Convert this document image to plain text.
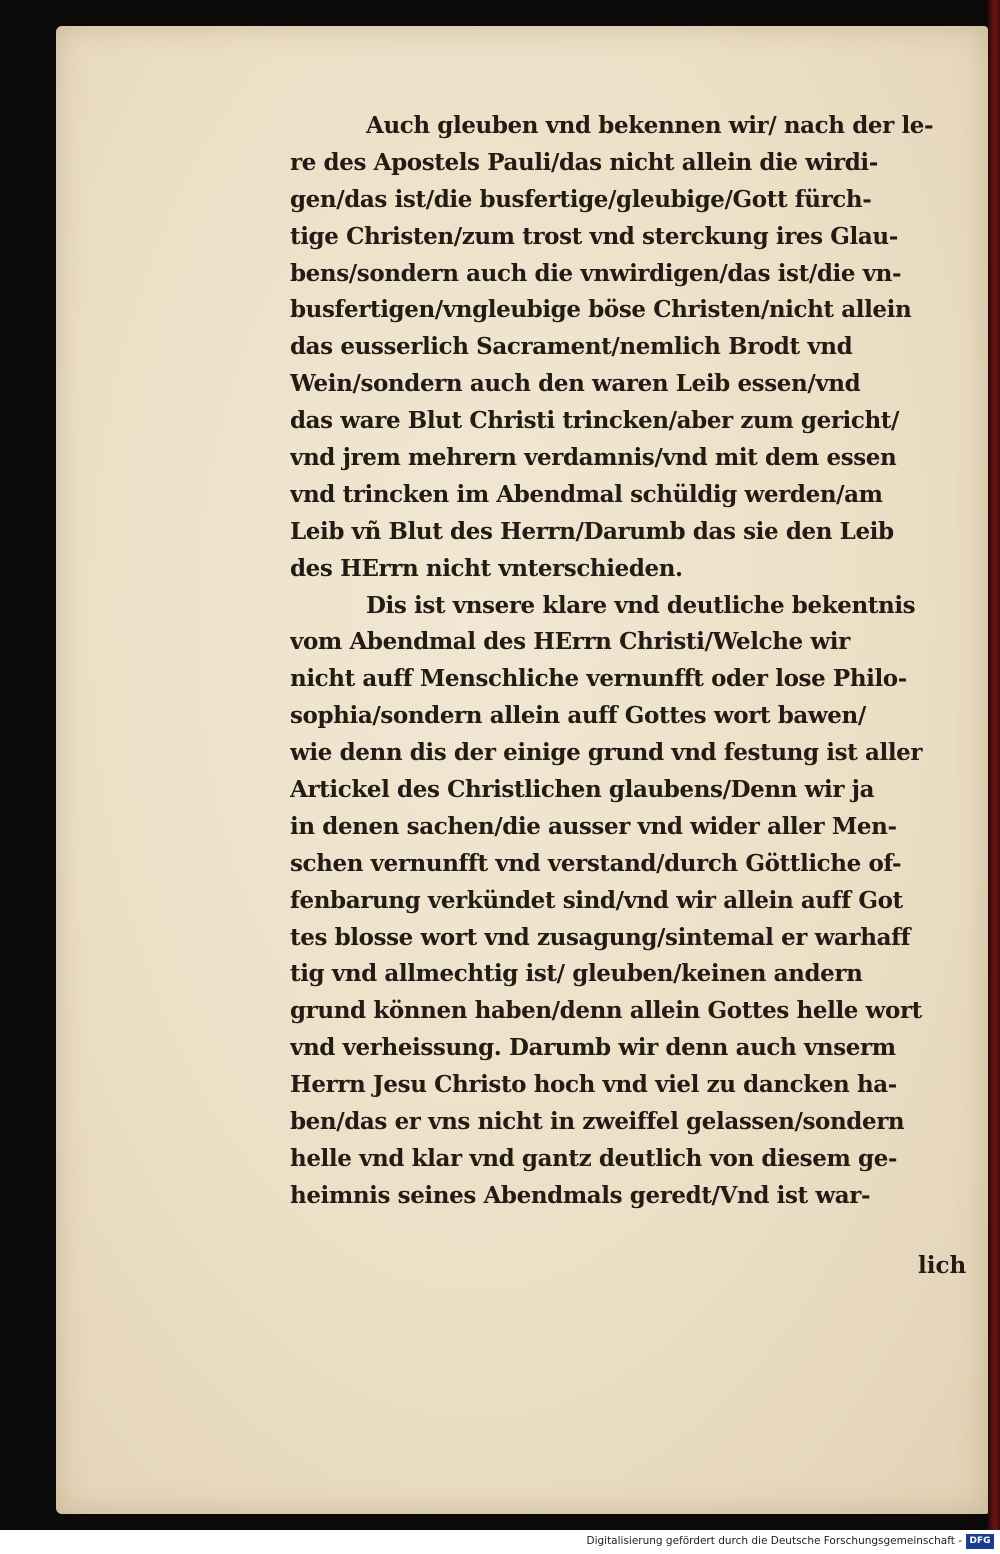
Auch gleuben vnd bekennen wir/ nach der le-
re des Apostels Pauli/das nicht allein die wirdi-
gen/das ist/die busfertige/gleubige/Gott fürch-
tige Christen/zum trost vnd sterckung ires Glau-
bens/sondern auch die vnwirdigen/das ist/die vn-
busfertigen/vngleubige böse Christen/nicht allein
das eusserlich Sacrament/nemlich Brodt vnd
Wein/sondern auch den waren Leib essen/vnd
das ware Blut Christi trincken/aber zum gericht/
vnd jrem mehrern verdamnis/vnd mit dem essen
vnd trincken im Abendmal schüldig werden/am
Leib vñ Blut des Herrn/Darumb das sie den Leib
des HErrn nicht vnterschieden.
Dis ist vnsere klare vnd deutliche bekentnis
vom Abendmal des HErrn Christi/Welche wir
nicht auff Menschliche vernunfft oder lose Philo-
sophia/sondern allein auff Gottes wort bawen/
wie denn dis der einige grund vnd festung ist aller
Artickel des Christlichen glaubens/Denn wir ja
in denen sachen/die ausser vnd wider aller Men-
schen vernunfft vnd verstand/durch Göttliche of-
fenbarung verkündet sind/vnd wir allein auff Got
tes blosse wort vnd zusagung/sintemal er warhaff
tig vnd allmechtig ist/ gleuben/keinen andern
grund können haben/denn allein Gottes helle wort
vnd verheissung. Darumb wir denn auch vnserm
Herrn Jesu Christo hoch vnd viel zu dancken ha-
ben/das er vns nicht in zweiffel gelassen/sondern
helle vnd klar vnd gantz deutlich von diesem ge-
heimnis seines Abendmals geredt/Vnd ist war-
lich
Digitalisierung gefördert durch die Deutsche Forschungsgemeinschaft - DFG
